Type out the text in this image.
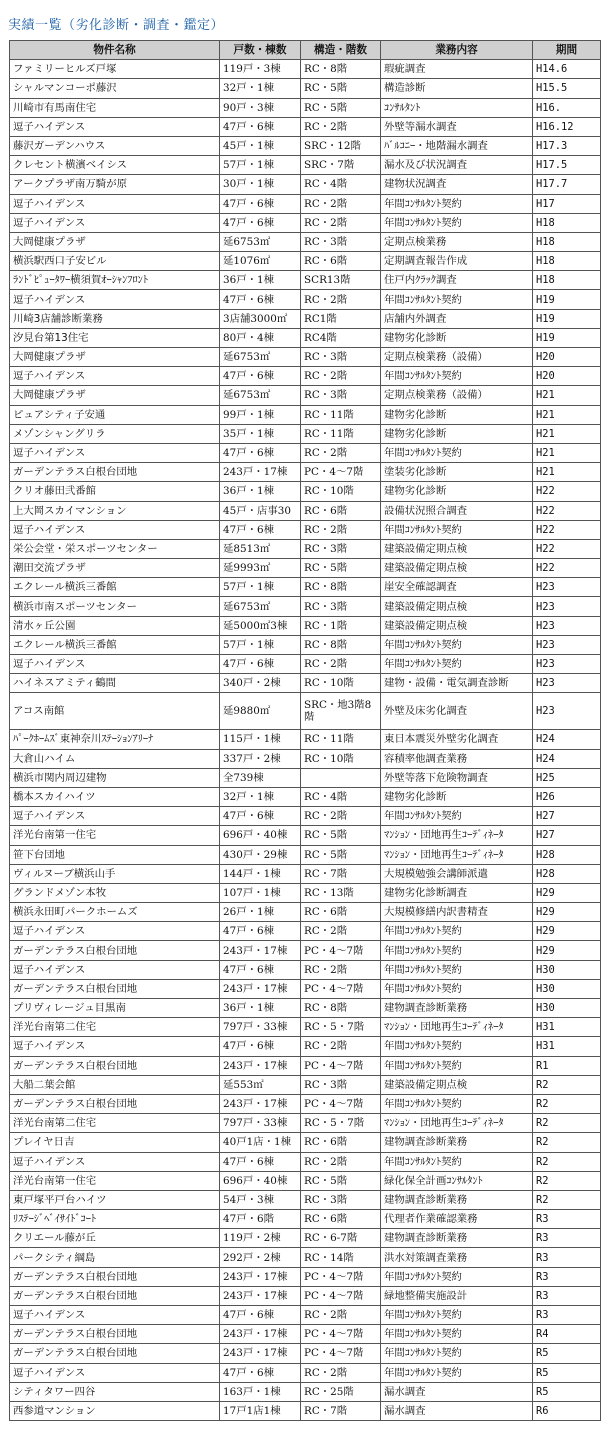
実績一覧（劣化診断・調査・鑑定）
物件名称	戸数・棟数	構造・階数	業務内容	期間
ファミリーヒルズ戸塚	119戸・3棟	RC・8階	瑕疵調査	H14.6
シャルマンコーポ藤沢	32戸・1棟	RC・5階	構造診断	H15.5
川崎市有馬南住宅	90戸・3棟	RC・5階	ｺﾝｻﾙﾀﾝﾄ	H16.
逗子ハイデンス	47戸・6棟	RC・2階	外壁等漏水調査	H16.12
藤沢ガーデンハウス	45戸・1棟	SRC・12階	ﾊﾞﾙｺﾆｰ・地階漏水調査	H17.3
クレセント横濱ベイシス	57戸・1棟	SRC・7階	漏水及び状況調査	H17.5
アークプラザ南万騎が原	30戸・1棟	RC・4階	建物状況調査	H17.7
逗子ハイデンス	47戸・6棟	RC・2階	年間ｺﾝｻﾙﾀﾝﾄ契約	H17
逗子ハイデンス	47戸・6棟	RC・2階	年間ｺﾝｻﾙﾀﾝﾄ契約	H18
大岡健康プラザ	延6753㎡	RC・3階	定期点検業務	H18
横浜駅西口子安ビル	延1076㎡	RC・6階	定期調査報告作成	H18
ﾗﾝﾄﾞﾋﾟｭｰﾀﾜｰ横須賀ｵｰｼｬﾝﾌﾛﾝﾄ	36戸・1棟	SCR13階	住戸内ｸﾗｯｸ調査	H18
逗子ハイデンス	47戸・6棟	RC・2階	年間ｺﾝｻﾙﾀﾝﾄ契約	H19
川崎3店舗診断業務	3店舗3000㎡	RC1階	店舗内外調査	H19
汐見台第13住宅	80戸・4棟	RC4階	建物劣化診断	H19
大岡健康プラザ	延6753㎡	RC・3階	定期点検業務（設備）	H20
逗子ハイデンス	47戸・6棟	RC・2階	年間ｺﾝｻﾙﾀﾝﾄ契約	H20
大岡健康プラザ	延6753㎡	RC・3階	定期点検業務（設備）	H21
ピュアシティ子安通	99戸・1棟	RC・11階	建物劣化診断	H21
メゾンシャングリラ	35戸・1棟	RC・11階	建物劣化診断	H21
逗子ハイデンス	47戸・6棟	RC・2階	年間ｺﾝｻﾙﾀﾝﾄ契約	H21
ガーデンテラス白根台団地	243戸・17棟	PC・4～7階	塗装劣化診断	H21
クリオ藤田弐番館	36戸・1棟	RC・10階	建物劣化診断	H22
上大岡スカイマンション	45戸・店事30	RC・6階	設備状況照合調査	H22
逗子ハイデンス	47戸・6棟	RC・2階	年間ｺﾝｻﾙﾀﾝﾄ契約	H22
栄公会堂・栄スポーツセンター	延8513㎡	RC・3階	建築設備定期点検	H22
潮田交流プラザ	延9993㎡	RC・5階	建築設備定期点検	H22
エクレール横浜三番館	57戸・1棟	RC・8階	崖安全確認調査	H23
横浜市南スポーツセンター	延6753㎡	RC・3階	建築設備定期点検	H23
清水ヶ丘公園	延5000㎡3棟	RC・1階	建築設備定期点検	H23
エクレール横浜三番館	57戸・1棟	RC・8階	年間ｺﾝｻﾙﾀﾝﾄ契約	H23
逗子ハイデンス	47戸・6棟	RC・2階	年間ｺﾝｻﾙﾀﾝﾄ契約	H23
ハイネスアミティ鶴間	340戸・2棟	RC・10階	建物・設備・電気調査診断	H23
アコス南館	延9880㎡	SRC・地3階8階	外壁及床劣化調査	H23
ﾊﾟｰｸﾎｰﾑｽﾞ東神奈川ｽﾃｰｼｮﾝｱﾘｰﾅ	115戸・1棟	RC・11階	東日本震災外壁劣化調査	H24
大倉山ハイム	337戸・2棟	RC・10階	容積率他調査業務	H24
横浜市関内周辺建物	全739棟		外壁等落下危険物調査	H25
橋本スカイハイツ	32戸・1棟	RC・4階	建物劣化診断	H26
逗子ハイデンス	47戸・6棟	RC・2階	年間ｺﾝｻﾙﾀﾝﾄ契約	H27
洋光台南第一住宅	696戸・40棟	RC・5階	ﾏﾝｼｮﾝ・団地再生ｺｰﾃﾞｨﾈｰﾀ	H27
笹下台団地	430戸・29棟	RC・5階	ﾏﾝｼｮﾝ・団地再生ｺｰﾃﾞｨﾈｰﾀ	H28
ヴィルヌーブ横浜山手	144戸・1棟	RC・7階	大規模勉強会講師派遣	H28
グランドメゾン本牧	107戸・1棟	RC・13階	建物劣化診断調査	H29
横浜永田町パークホームズ	26戸・1棟	RC・6階	大規模修繕内訳書精査	H29
逗子ハイデンス	47戸・6棟	RC・2階	年間ｺﾝｻﾙﾀﾝﾄ契約	H29
ガーデンテラス白根台団地	243戸・17棟	PC・4～7階	年間ｺﾝｻﾙﾀﾝﾄ契約	H29
逗子ハイデンス	47戸・6棟	RC・2階	年間ｺﾝｻﾙﾀﾝﾄ契約	H30
ガーデンテラス白根台団地	243戸・17棟	PC・4～7階	年間ｺﾝｻﾙﾀﾝﾄ契約	H30
プリヴィレージュ目黒南	36戸・1棟	RC・8階	建物調査診断業務	H30
洋光台南第二住宅	797戸・33棟	RC・5・7階	ﾏﾝｼｮﾝ・団地再生ｺｰﾃﾞｨﾈｰﾀ	H31
逗子ハイデンス	47戸・6棟	RC・2階	年間ｺﾝｻﾙﾀﾝﾄ契約	H31
ガーデンテラス白根台団地	243戸・17棟	PC・4～7階	年間ｺﾝｻﾙﾀﾝﾄ契約	R1
大船二葉会館	延553㎡	RC・3階	建築設備定期点検	R2
ガーデンテラス白根台団地	243戸・17棟	PC・4～7階	年間ｺﾝｻﾙﾀﾝﾄ契約	R2
洋光台南第二住宅	797戸・33棟	RC・5・7階	ﾏﾝｼｮﾝ・団地再生ｺｰﾃﾞｨﾈｰﾀ	R2
プレイヤ日吉	40戸1店・1棟	RC・6階	建物調査診断業務	R2
逗子ハイデンス	47戸・6棟	RC・2階	年間ｺﾝｻﾙﾀﾝﾄ契約	R2
洋光台南第一住宅	696戸・40棟	RC・5階	緑化保全計画ｺﾝｻﾙﾀﾝﾄ	R2
東戸塚平戸台ハイツ	54戸・3棟	RC・3階	建物調査診断業務	R2
ﾘｽﾃｰｼﾞﾍﾞｲｻｲﾄﾞｺｰﾄ	47戸・6階	RC・6階	代理者作業確認業務	R3
クリエール藤が丘	119戸・2棟	RC・6-7階	建物調査診断業務	R3
パークシティ綱島	292戸・2棟	RC・14階	洪水対策調査業務	R3
ガーデンテラス白根台団地	243戸・17棟	PC・4～7階	年間ｺﾝｻﾙﾀﾝﾄ契約	R3
ガーデンテラス白根台団地	243戸・17棟	PC・4～7階	緑地整備実施設計	R3
逗子ハイデンス	47戸・6棟	RC・2階	年間ｺﾝｻﾙﾀﾝﾄ契約	R3
ガーデンテラス白根台団地	243戸・17棟	PC・4～7階	年間ｺﾝｻﾙﾀﾝﾄ契約	R4
ガーデンテラス白根台団地	243戸・17棟	PC・4～7階	年間ｺﾝｻﾙﾀﾝﾄ契約	R5
逗子ハイデンス	47戸・6棟	RC・2階	年間ｺﾝｻﾙﾀﾝﾄ契約	R5
シティタワー四谷	163戸・1棟	RC・25階	漏水調査	R5
西参道マンション	17戸1店1棟	RC・7階	漏水調査	R6
